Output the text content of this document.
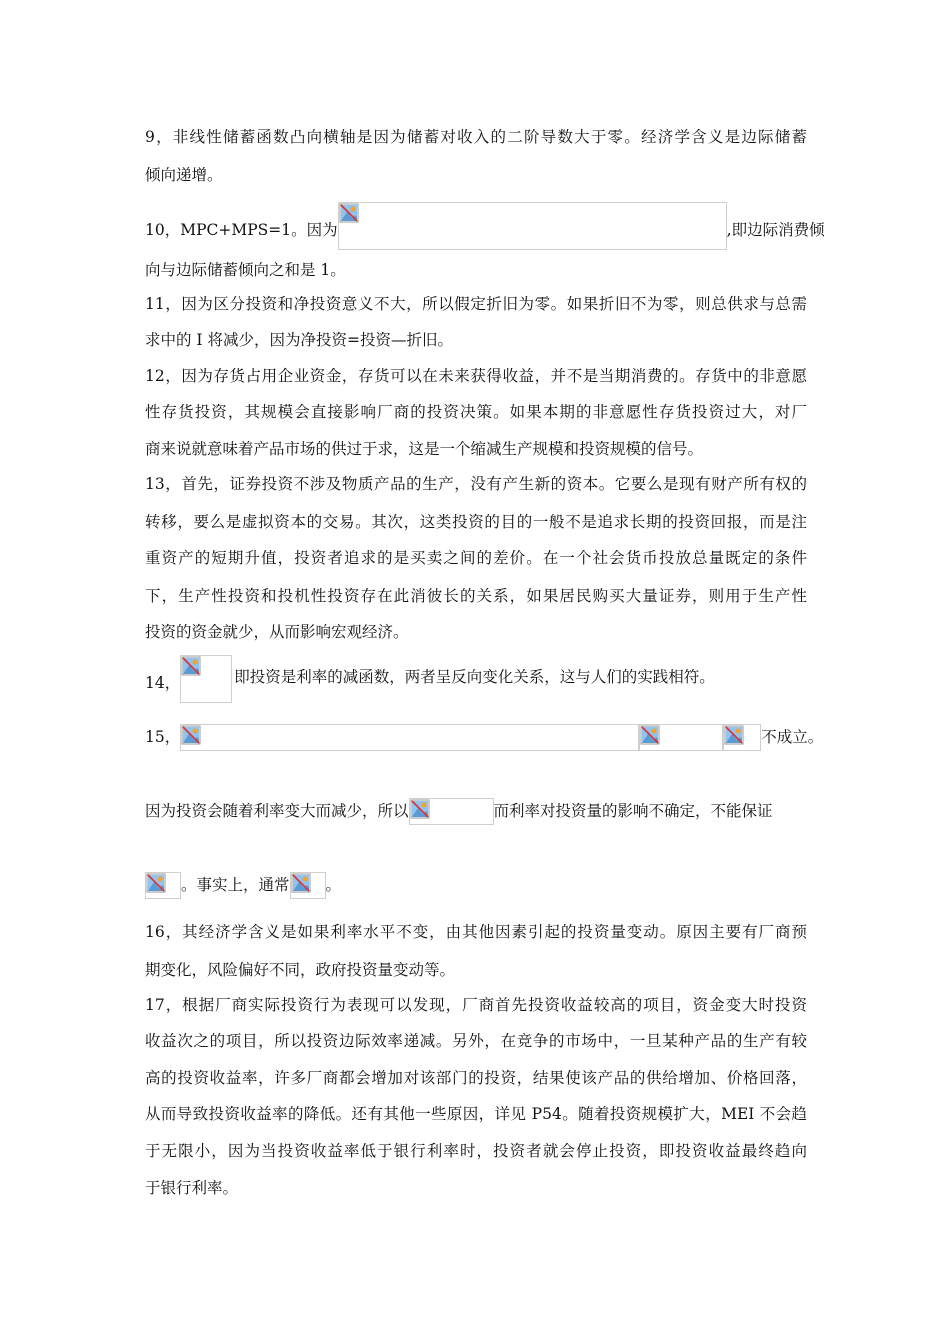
9，非线性储蓄函数凸向横轴是因为储蓄对收入的二阶导数大于零。经济学含义是边际储蓄
倾向递增。
10，MPC+MPS=1。因为	,即边际消费倾
向与边际储蓄倾向之和是 1。
11，因为区分投资和净投资意义不大，所以假定折旧为零。如果折旧不为零，则总供求与总需
求中的 I 将减少，因为净投资=投资—折旧。
12，因为存货占用企业资金，存货可以在未来获得收益，并不是当期消费的。存货中的非意愿
性存货投资，其规模会直接影响厂商的投资决策。如果本期的非意愿性存货投资过大，对厂
商来说就意味着产品市场的供过于求，这是一个缩减生产规模和投资规模的信号。
13，首先，证券投资不涉及物质产品的生产，没有产生新的资本。它要么是现有财产所有权的
转移，要么是虚拟资本的交易。其次，这类投资的目的一般不是追求长期的投资回报，而是注
重资产的短期升值，投资者追求的是买卖之间的差价。在一个社会货币投放总量既定的条件
下，生产性投资和投机性投资存在此消彼长的关系，如果居民购买大量证券，则用于生产性
投资的资金就少，从而影响宏观经济。
14，	即投资是利率的减函数，两者呈反向变化关系，这与人们的实践相符。
15，	不成立。
因为投资会随着利率变大而减少，所以	而利率对投资量的影响不确定，不能保证
。事实上，通常 。
16，其经济学含义是如果利率水平不变，由其他因素引起的投资量变动。原因主要有厂商预
期变化，风险偏好不同，政府投资量变动等。
17，根据厂商实际投资行为表现可以发现，厂商首先投资收益较高的项目，资金变大时投资
收益次之的项目，所以投资边际效率递减。另外，在竞争的市场中，一旦某种产品的生产有较
高的投资收益率，许多厂商都会增加对该部门的投资，结果使该产品的供给增加、价格回落，
从而导致投资收益率的降低。还有其他一些原因，详见 P54。随着投资规模扩大，MEI 不会趋
于无限小，因为当投资收益率低于银行利率时，投资者就会停止投资，即投资收益最终趋向
于银行利率。
